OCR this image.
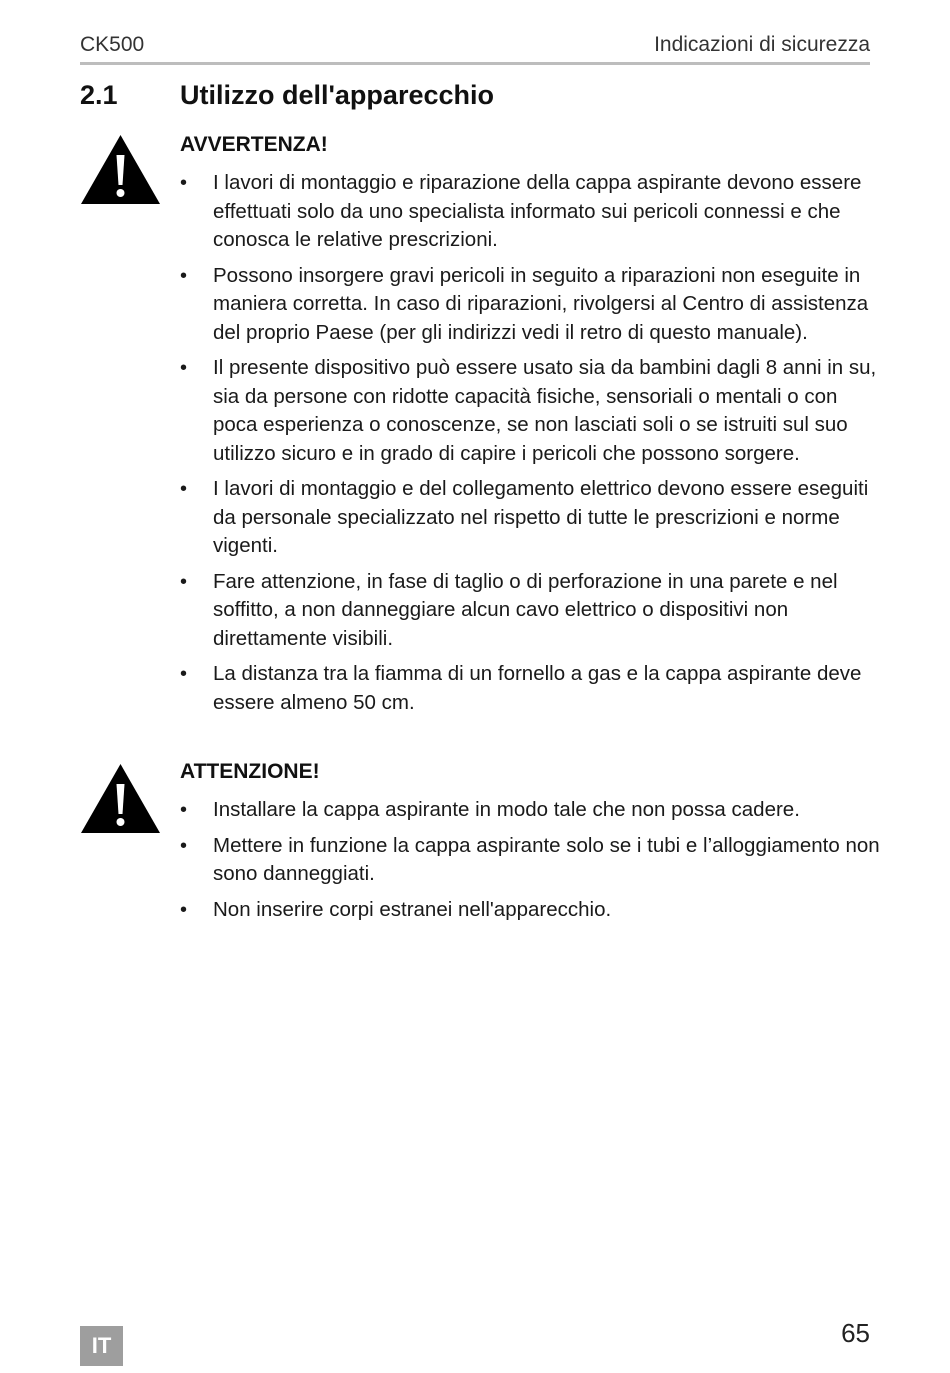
CK500	Indicazioni di sicurezza
2.1 Utilizzo dell'apparecchio
AVVERTENZA!
• I lavori di montaggio e riparazione della cappa aspirante devono essere effettuati solo da uno specialista informato sui pericoli connessi e che conosca le relative prescrizioni.
• Possono insorgere gravi pericoli in seguito a riparazioni non eseguite in maniera corretta. In caso di riparazioni, rivolgersi al Centro di assistenza del proprio Paese (per gli indirizzi vedi il retro di questo manuale).
• Il presente dispositivo può essere usato sia da bambini dagli 8 anni in su, sia da persone con ridotte capacità fisiche, sensoriali o mentali o con poca esperienza o conoscenze, se non lasciati soli o se istruiti sul suo utilizzo sicuro e in grado di capire i pericoli che possono sorgere.
• I lavori di montaggio e del collegamento elettrico devono essere eseguiti da personale specializzato nel rispetto di tutte le prescrizioni e norme vigenti.
• Fare attenzione, in fase di taglio o di perforazione in una parete e nel soffitto, a non danneggiare alcun cavo elettrico o dispositivi non direttamente visibili.
• La distanza tra la fiamma di un fornello a gas e la cappa aspirante deve essere almeno 50 cm.
ATTENZIONE!
• Installare la cappa aspirante in modo tale che non possa cadere.
• Mettere in funzione la cappa aspirante solo se i tubi e l’alloggiamento non sono danneggiati.
• Non inserire corpi estranei nell'apparecchio.
IT	65
